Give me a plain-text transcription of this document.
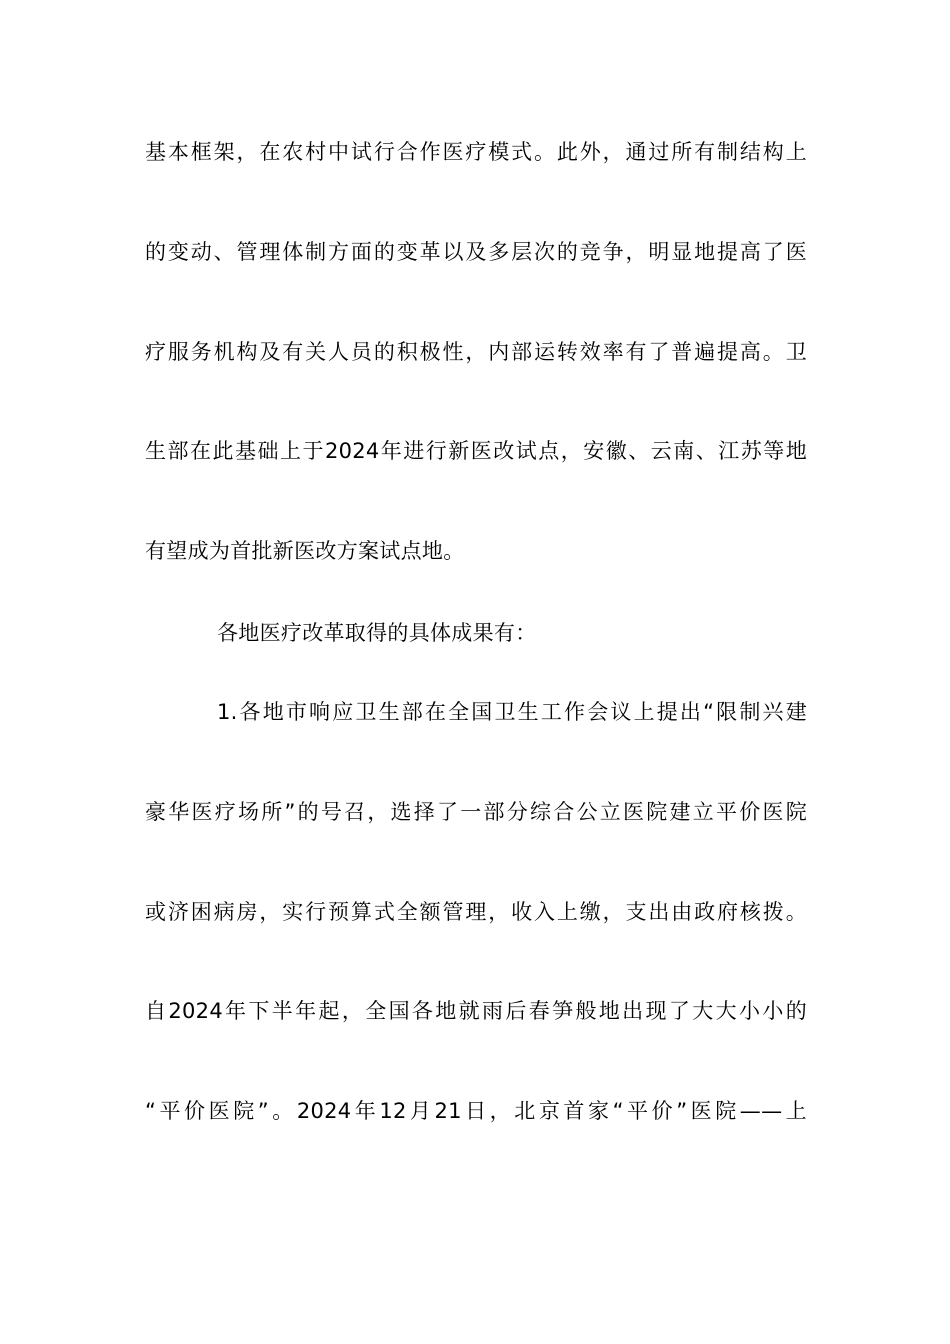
基本框架，在农村中试行合作医疗模式。此外，通过所有制结构上
的变动、管理体制方面的变革以及多层次的竞争，明显地提高了医
疗服务机构及有关人员的积极性，内部运转效率有了普遍提高。卫
生部在此基础上于2024年进行新医改试点，安徽、云南、江苏等地
有望成为首批新医改方案试点地。
各地医疗改革取得的具体成果有：
1.各地市响应卫生部在全国卫生工作会议上提出“限制兴建
豪华医疗场所”的号召，选择了一部分综合公立医院建立平价医院
或济困病房，实行预算式全额管理，收入上缴，支出由政府核拨。
自2024年下半年起，全国各地就雨后春笋般地出现了大大小小的
“平价医院”。2024年12月21日，北京首家“平价”医院——上
